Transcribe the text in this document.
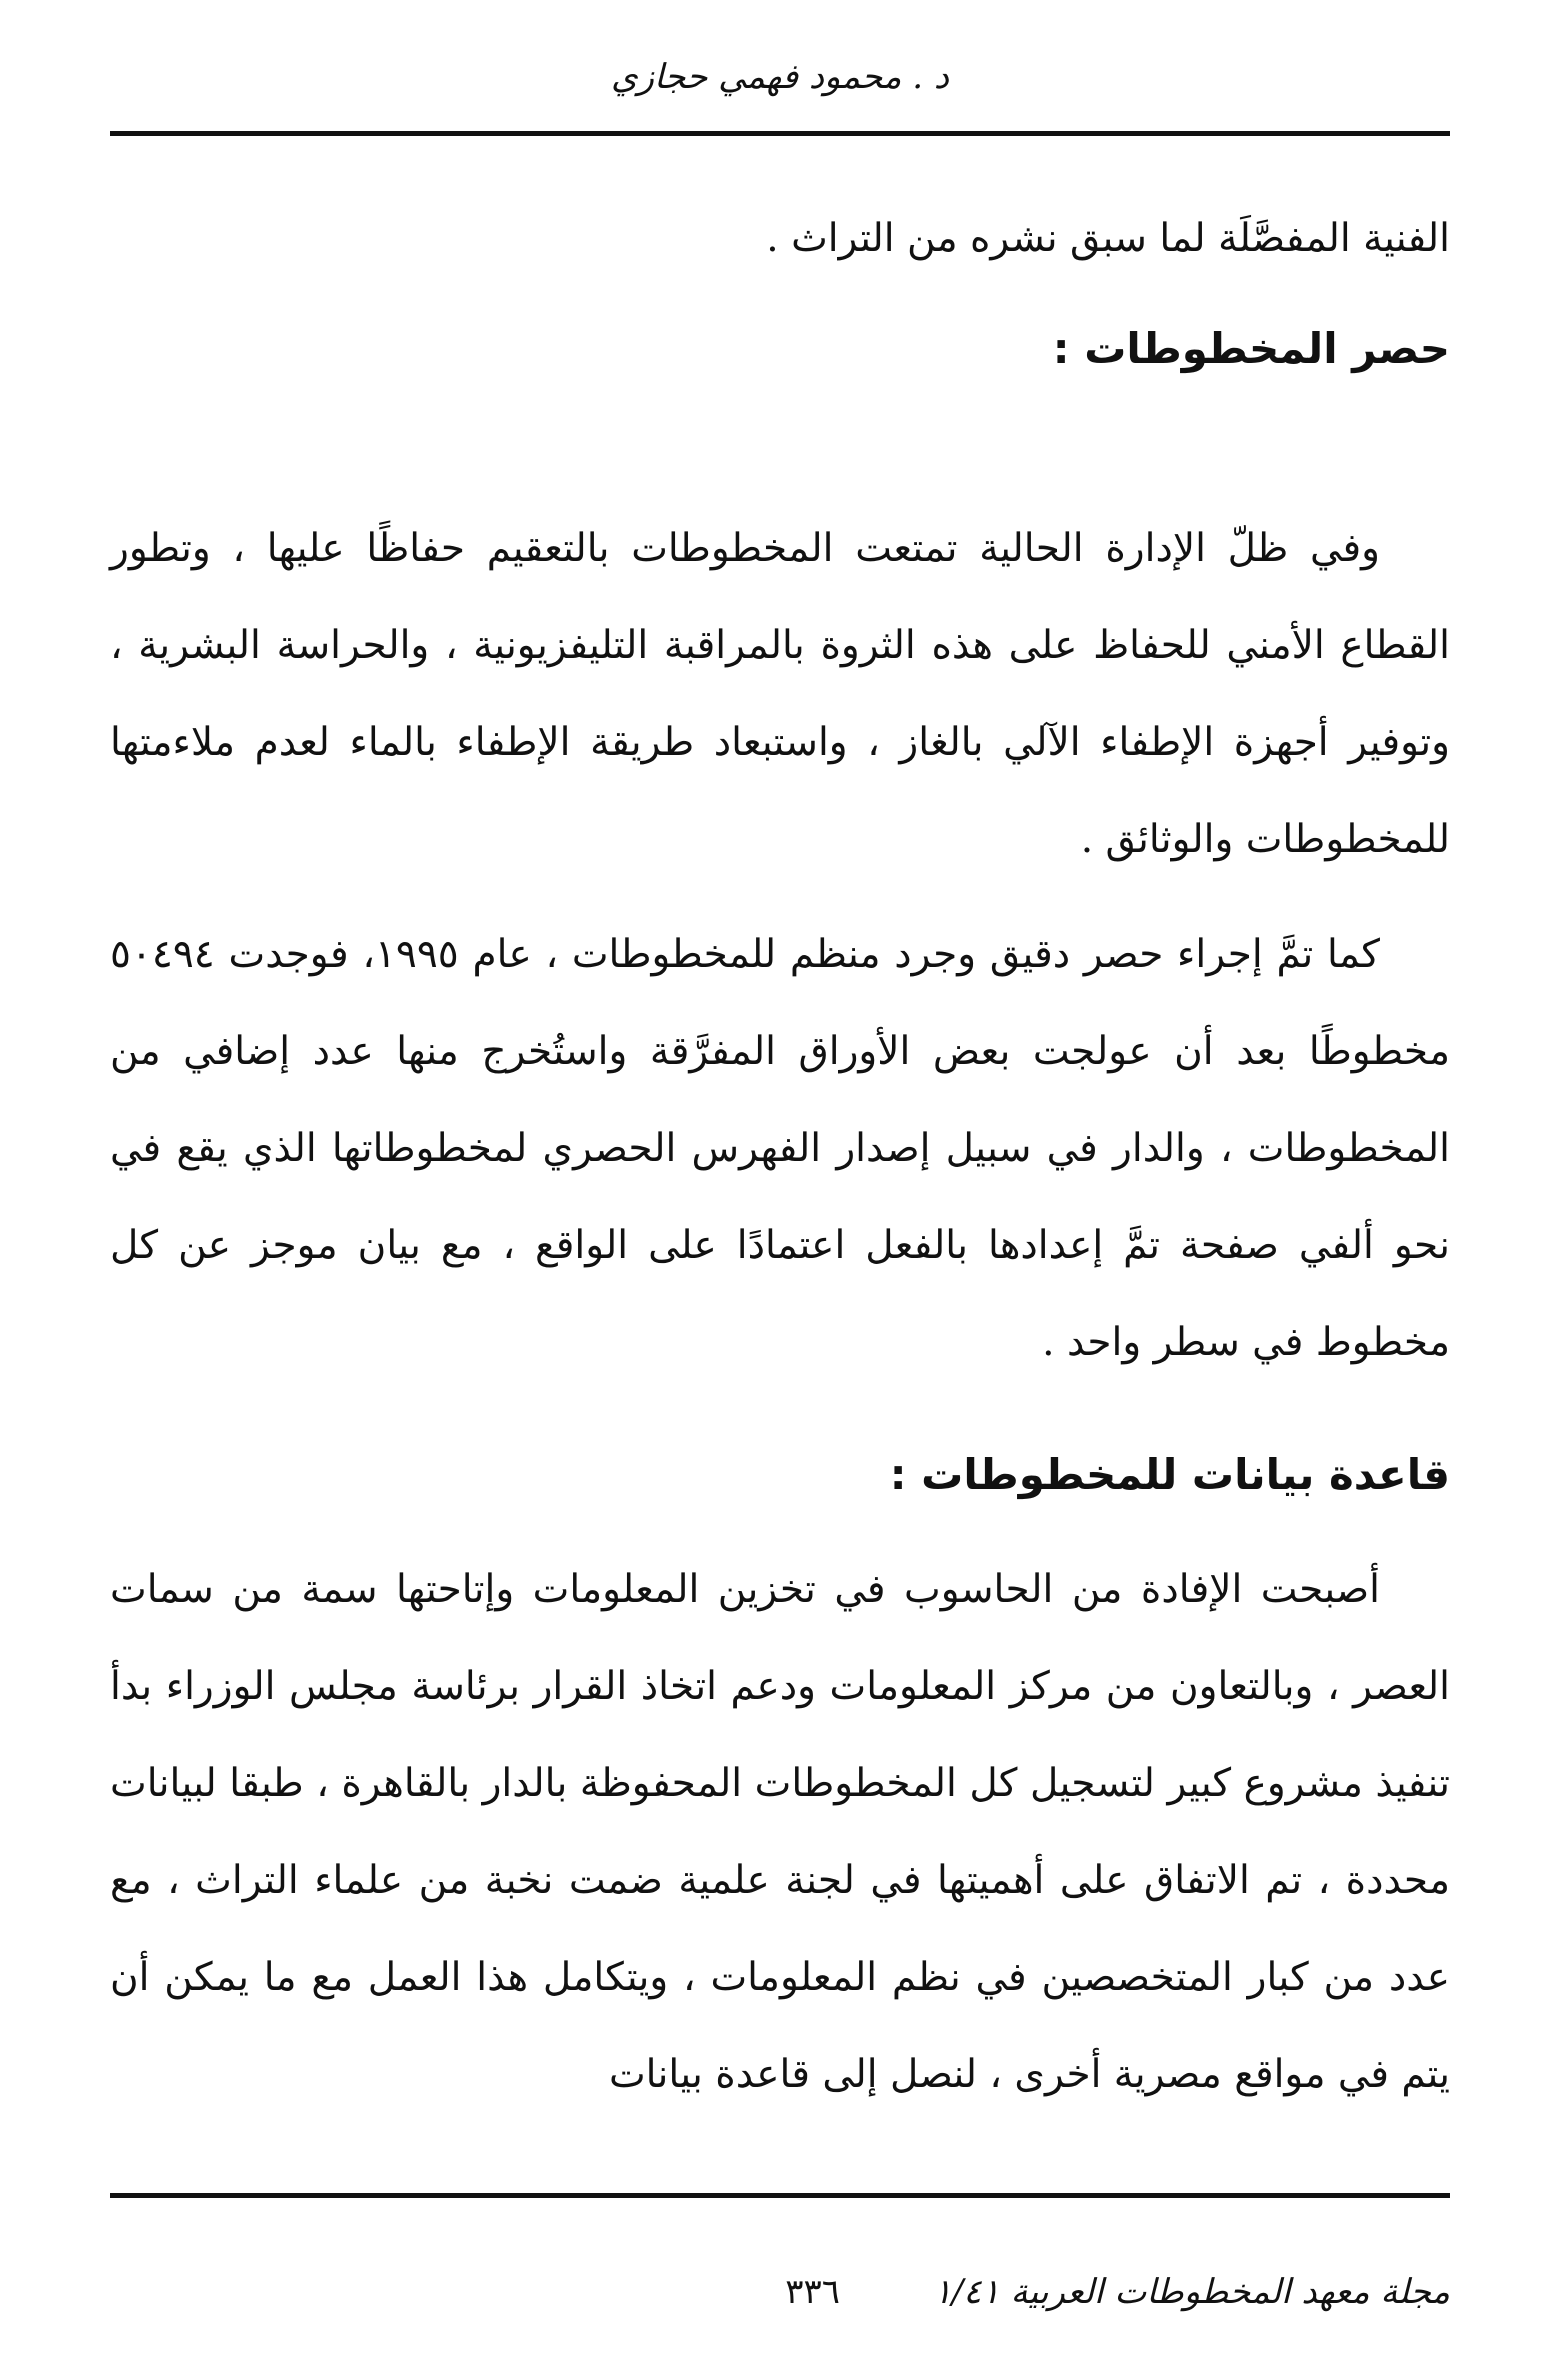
د . محمود فهمي حجازي

الفنية المفصَّلَة لما سبق نشره من التراث .

حصر المخطوطات :

وفي ظلّ الإدارة الحالية تمتعت المخطوطات بالتعقيم حفاظًا عليها ، وتطور القطاع الأمني للحفاظ على هذه الثروة بالمراقبة التليفزيونية ، والحراسة البشرية ، وتوفير أجهزة الإطفاء الآلي بالغاز ، واستبعاد طريقة الإطفاء بالماء لعدم ملاءمتها للمخطوطات والوثائق .

كما تمَّ إجراء حصر دقيق وجرد منظم للمخطوطات ، عام ١٩٩٥، فوجدت ٥٠٤٩٤ مخطوطًا بعد أن عولجت بعض الأوراق المفرَّقة واستُخرج منها عدد إضافي من المخطوطات ، والدار في سبيل إصدار الفهرس الحصري لمخطوطاتها الذي يقع في نحو ألفي صفحة تمَّ إعدادها بالفعل اعتمادًا على الواقع ، مع بيان موجز عن كل مخطوط في سطر واحد .

قاعدة بيانات للمخطوطات :

أصبحت الإفادة من الحاسوب في تخزين المعلومات وإتاحتها سمة من سمات العصر ، وبالتعاون من مركز المعلومات ودعم اتخاذ القرار برئاسة مجلس الوزراء بدأ تنفيذ مشروع كبير لتسجيل كل المخطوطات المحفوظة بالدار بالقاهرة ، طبقا لبيانات محددة ، تم الاتفاق على أهميتها في لجنة علمية ضمت نخبة من علماء التراث ، مع عدد من كبار المتخصصين في نظم المعلومات ، ويتكامل هذا العمل مع ما يمكن أن يتم في مواقع مصرية أخرى ، لنصل إلى قاعدة بيانات

مجلة معهد المخطوطات العربية ١/٤١
٣٣٦
